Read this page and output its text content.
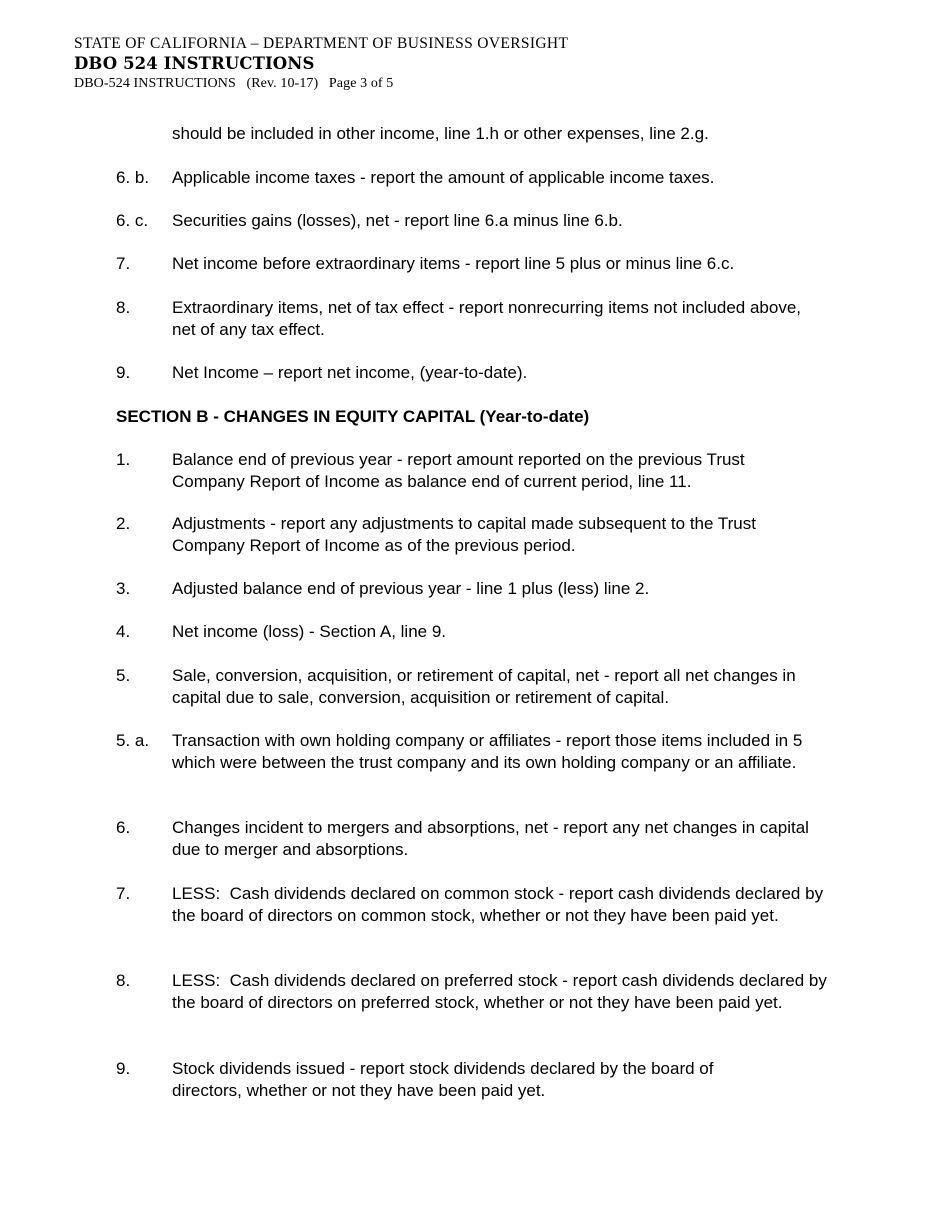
STATE OF CALIFORNIA – DEPARTMENT OF BUSINESS OVERSIGHT
DBO 524 INSTRUCTIONS
DBO-524 INSTRUCTIONS (Rev. 10-17) Page 3 of 5
should be included in other income, line 1.h or other expenses, line 2.g.
6. b.	Applicable income taxes - report the amount of applicable income taxes.
6. c.	Securities gains (losses), net - report line 6.a minus line 6.b.
7.	Net income before extraordinary items - report line 5 plus or minus line 6.c.
8.	Extraordinary items, net of tax effect - report nonrecurring items not included above, net of any tax effect.
9.	Net Income – report net income, (year-to-date).
SECTION B - CHANGES IN EQUITY CAPITAL (Year-to-date)
1.	Balance end of previous year - report amount reported on the previous Trust Company Report of Income as balance end of current period, line 11.
2.	Adjustments - report any adjustments to capital made subsequent to the Trust Company Report of Income as of the previous period.
3.	Adjusted balance end of previous year - line 1 plus (less) line 2.
4.	Net income (loss) - Section A, line 9.
5.	Sale, conversion, acquisition, or retirement of capital, net - report all net changes in capital due to sale, conversion, acquisition or retirement of capital.
5. a.	Transaction with own holding company or affiliates - report those items included in 5 which were between the trust company and its own holding company or an affiliate.
6.	Changes incident to mergers and absorptions, net - report any net changes in capital due to merger and absorptions.
7.	LESS:  Cash dividends declared on common stock - report cash dividends declared by the board of directors on common stock, whether or not they have been paid yet.
8.	LESS:  Cash dividends declared on preferred stock - report cash dividends declared by the board of directors on preferred stock, whether or not they have been paid yet.
9.	Stock dividends issued - report stock dividends declared by the board of directors, whether or not they have been paid yet.
